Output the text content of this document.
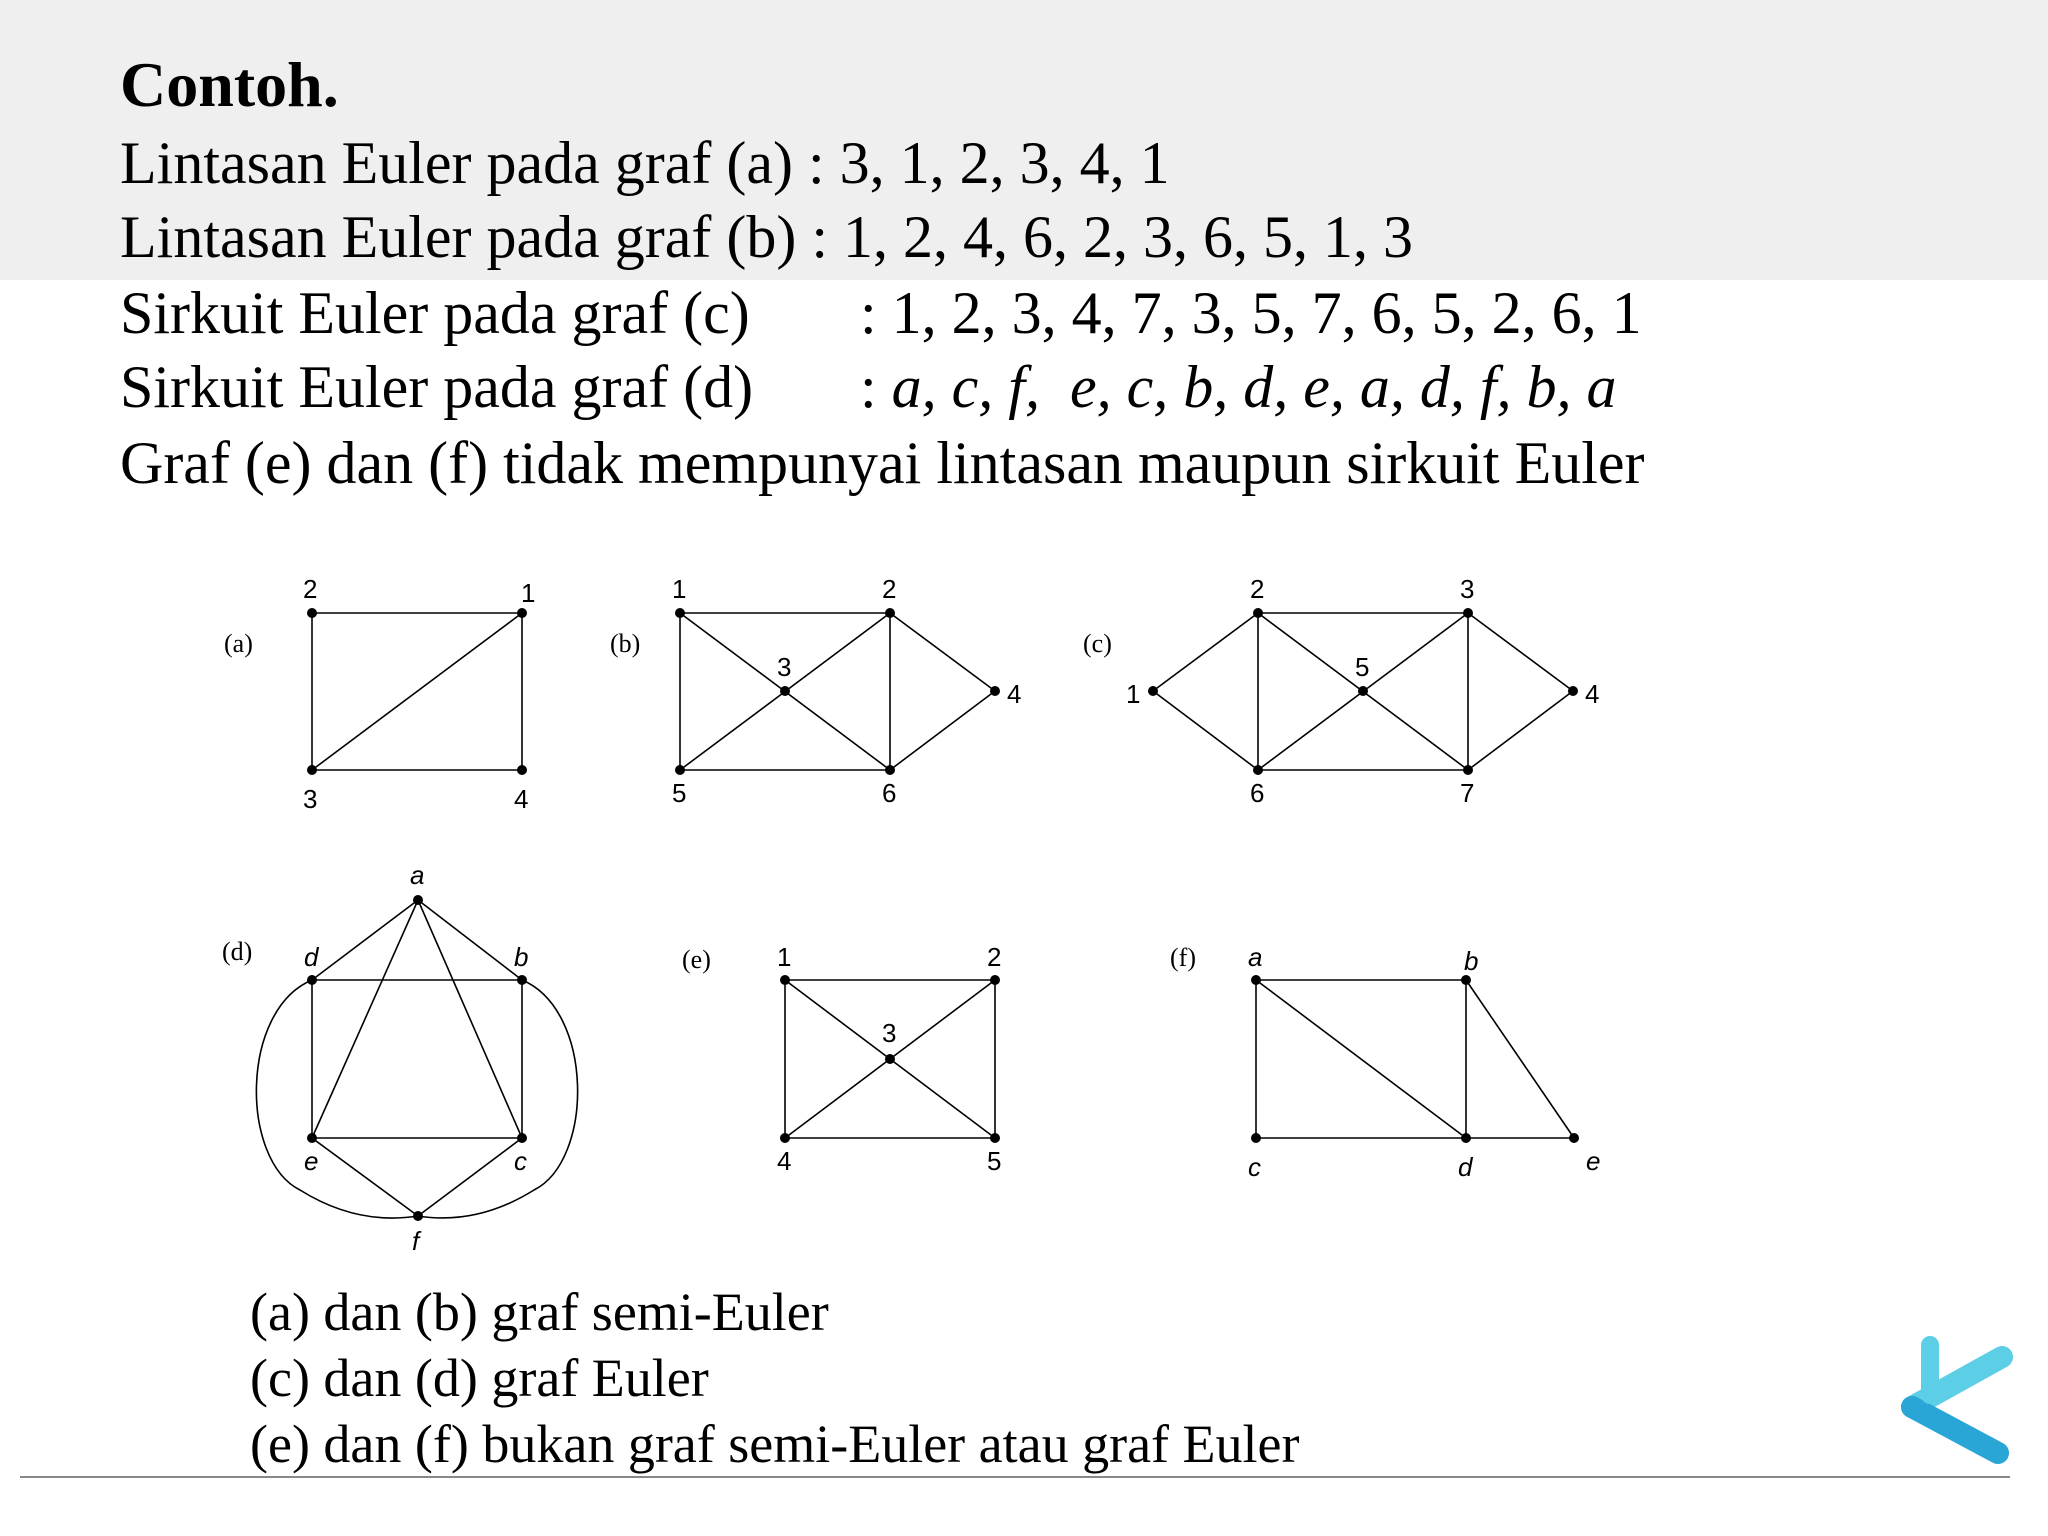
Contoh.
Lintasan Euler pada graf (a) : 3, 1, 2, 3, 4, 1
Lintasan Euler pada graf (b) : 1, 2, 4, 6, 2, 3, 6, 5, 1, 3
Sirkuit Euler pada graf (c) : 1, 2, 3, 4, 7, 3, 5, 7, 6, 5, 2, 6, 1
Sirkuit Euler pada graf (d) : a, c, f,  e, c, b, d, e, a, d, f, b, a
Graf (e) dan (f) tidak mempunyai lintasan maupun sirkuit Euler
(a)
2	1
3	4
(b)
1	2
3
4
5	6
(c)
2	3
1
5
4
6	7
(d)
a
d	b
e	c
f
(e)	1	2
3
4	5
(f) a	b
c	d	e
(a) dan (b) graf semi-Euler
(c) dan (d) graf Euler
(e) dan (f) bukan graf semi-Euler atau graf Euler
